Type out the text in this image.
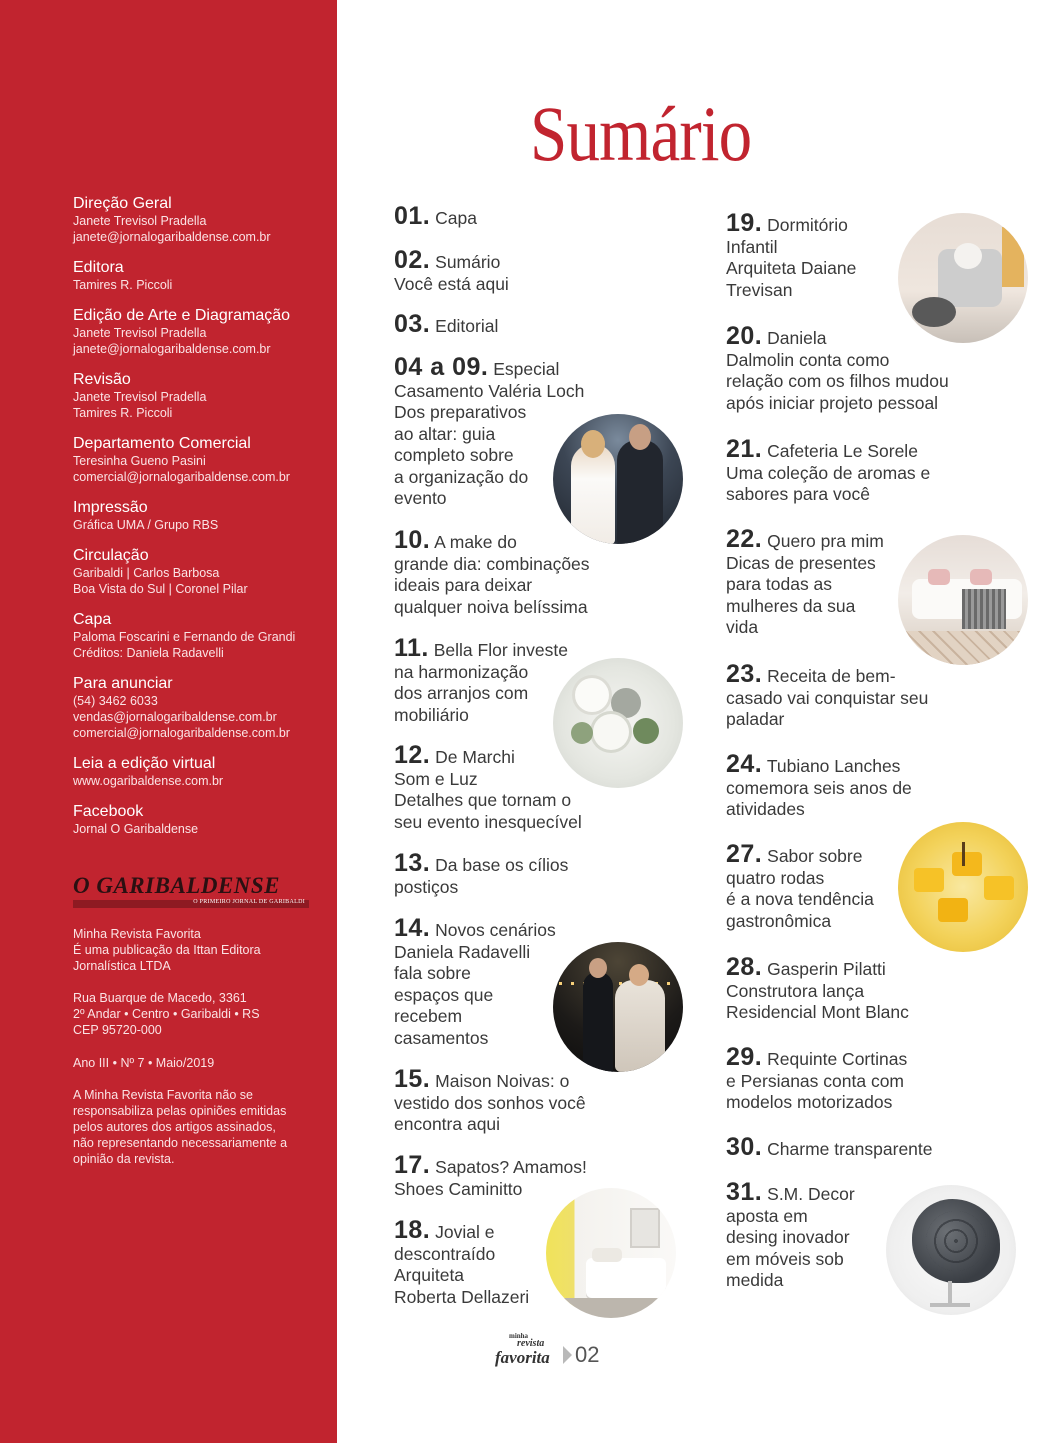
Direção Geral
Janete Trevisol Pradella
janete@jornalogaribaldense.com.br
Editora
Tamires R. Piccoli
Edição de Arte e Diagramação
Janete Trevisol Pradella
janete@jornalogaribaldense.com.br
Revisão
Janete Trevisol Pradella
Tamires R. Piccoli
Departamento Comercial
Teresinha Gueno Pasini
comercial@jornalogaribaldense.com.br
Impressão
Gráfica UMA / Grupo RBS
Circulação
Garibaldi | Carlos Barbosa
Boa Vista do Sul | Coronel Pilar
Capa
Paloma Foscarini e Fernando de Grandi
Créditos: Daniela Radavelli
Para anunciar
(54) 3462 6033
vendas@jornalogaribaldense.com.br
comercial@jornalogaribaldense.com.br
Leia a edição virtual
www.ogaribaldense.com.br
Facebook
Jornal O Garibaldense
O GARIBALDENSE
O PRIMEIRO JORNAL DE GARIBALDI
Minha Revista Favorita
É uma publicação da Ittan Editora
Jornalística LTDA
Rua Buarque de Macedo, 3361
2º Andar • Centro • Garibaldi • RS
CEP 95720-000
Ano III • Nº 7 • Maio/2019
A Minha Revista Favorita não se
responsabiliza pelas opiniões emitidas
pelos autores dos artigos assinados,
não representando necessariamente a
opinião da revista.
Sumário
01. Capa
02. Sumário
Você está aqui
03. Editorial
04 a 09. Especial
Casamento Valéria Loch
Dos preparativos
ao altar: guia
completo sobre
a organização do
evento
10. A make do
grande dia: combinações
ideais para deixar
qualquer noiva belíssima
11. Bella Flor investe
na harmonização
dos arranjos com
mobiliário
12. De Marchi
Som e Luz
Detalhes que tornam o
seu evento inesquecível
13. Da base os cílios
postiços
14. Novos cenários
Daniela Radavelli
fala sobre
espaços que
recebem
casamentos
15. Maison Noivas: o
vestido dos sonhos você
encontra aqui
17. Sapatos? Amamos!
Shoes Caminitto
18. Jovial e
descontraído
Arquiteta
Roberta Dellazeri
19. Dormitório
Infantil
Arquiteta Daiane
Trevisan
20. Daniela
Dalmolin conta como
relação com os filhos mudou
após iniciar projeto pessoal
21. Cafeteria Le Sorele
Uma coleção de aromas e
sabores para você
22. Quero pra mim
Dicas de presentes
para todas as
mulheres da sua
vida
23. Receita de bem-
casado vai conquistar seu
paladar
24. Tubiano Lanches
comemora seis anos de
atividades
27. Sabor sobre
quatro rodas
é a nova tendência
gastronômica
28. Gasperin Pilatti
Construtora lança
Residencial Mont Blanc
29. Requinte Cortinas
e Persianas conta com
modelos motorizados
30. Charme transparente
31. S.M. Decor
aposta em
desing inovador
em móveis sob
medida
minha
revista
favorita 02
